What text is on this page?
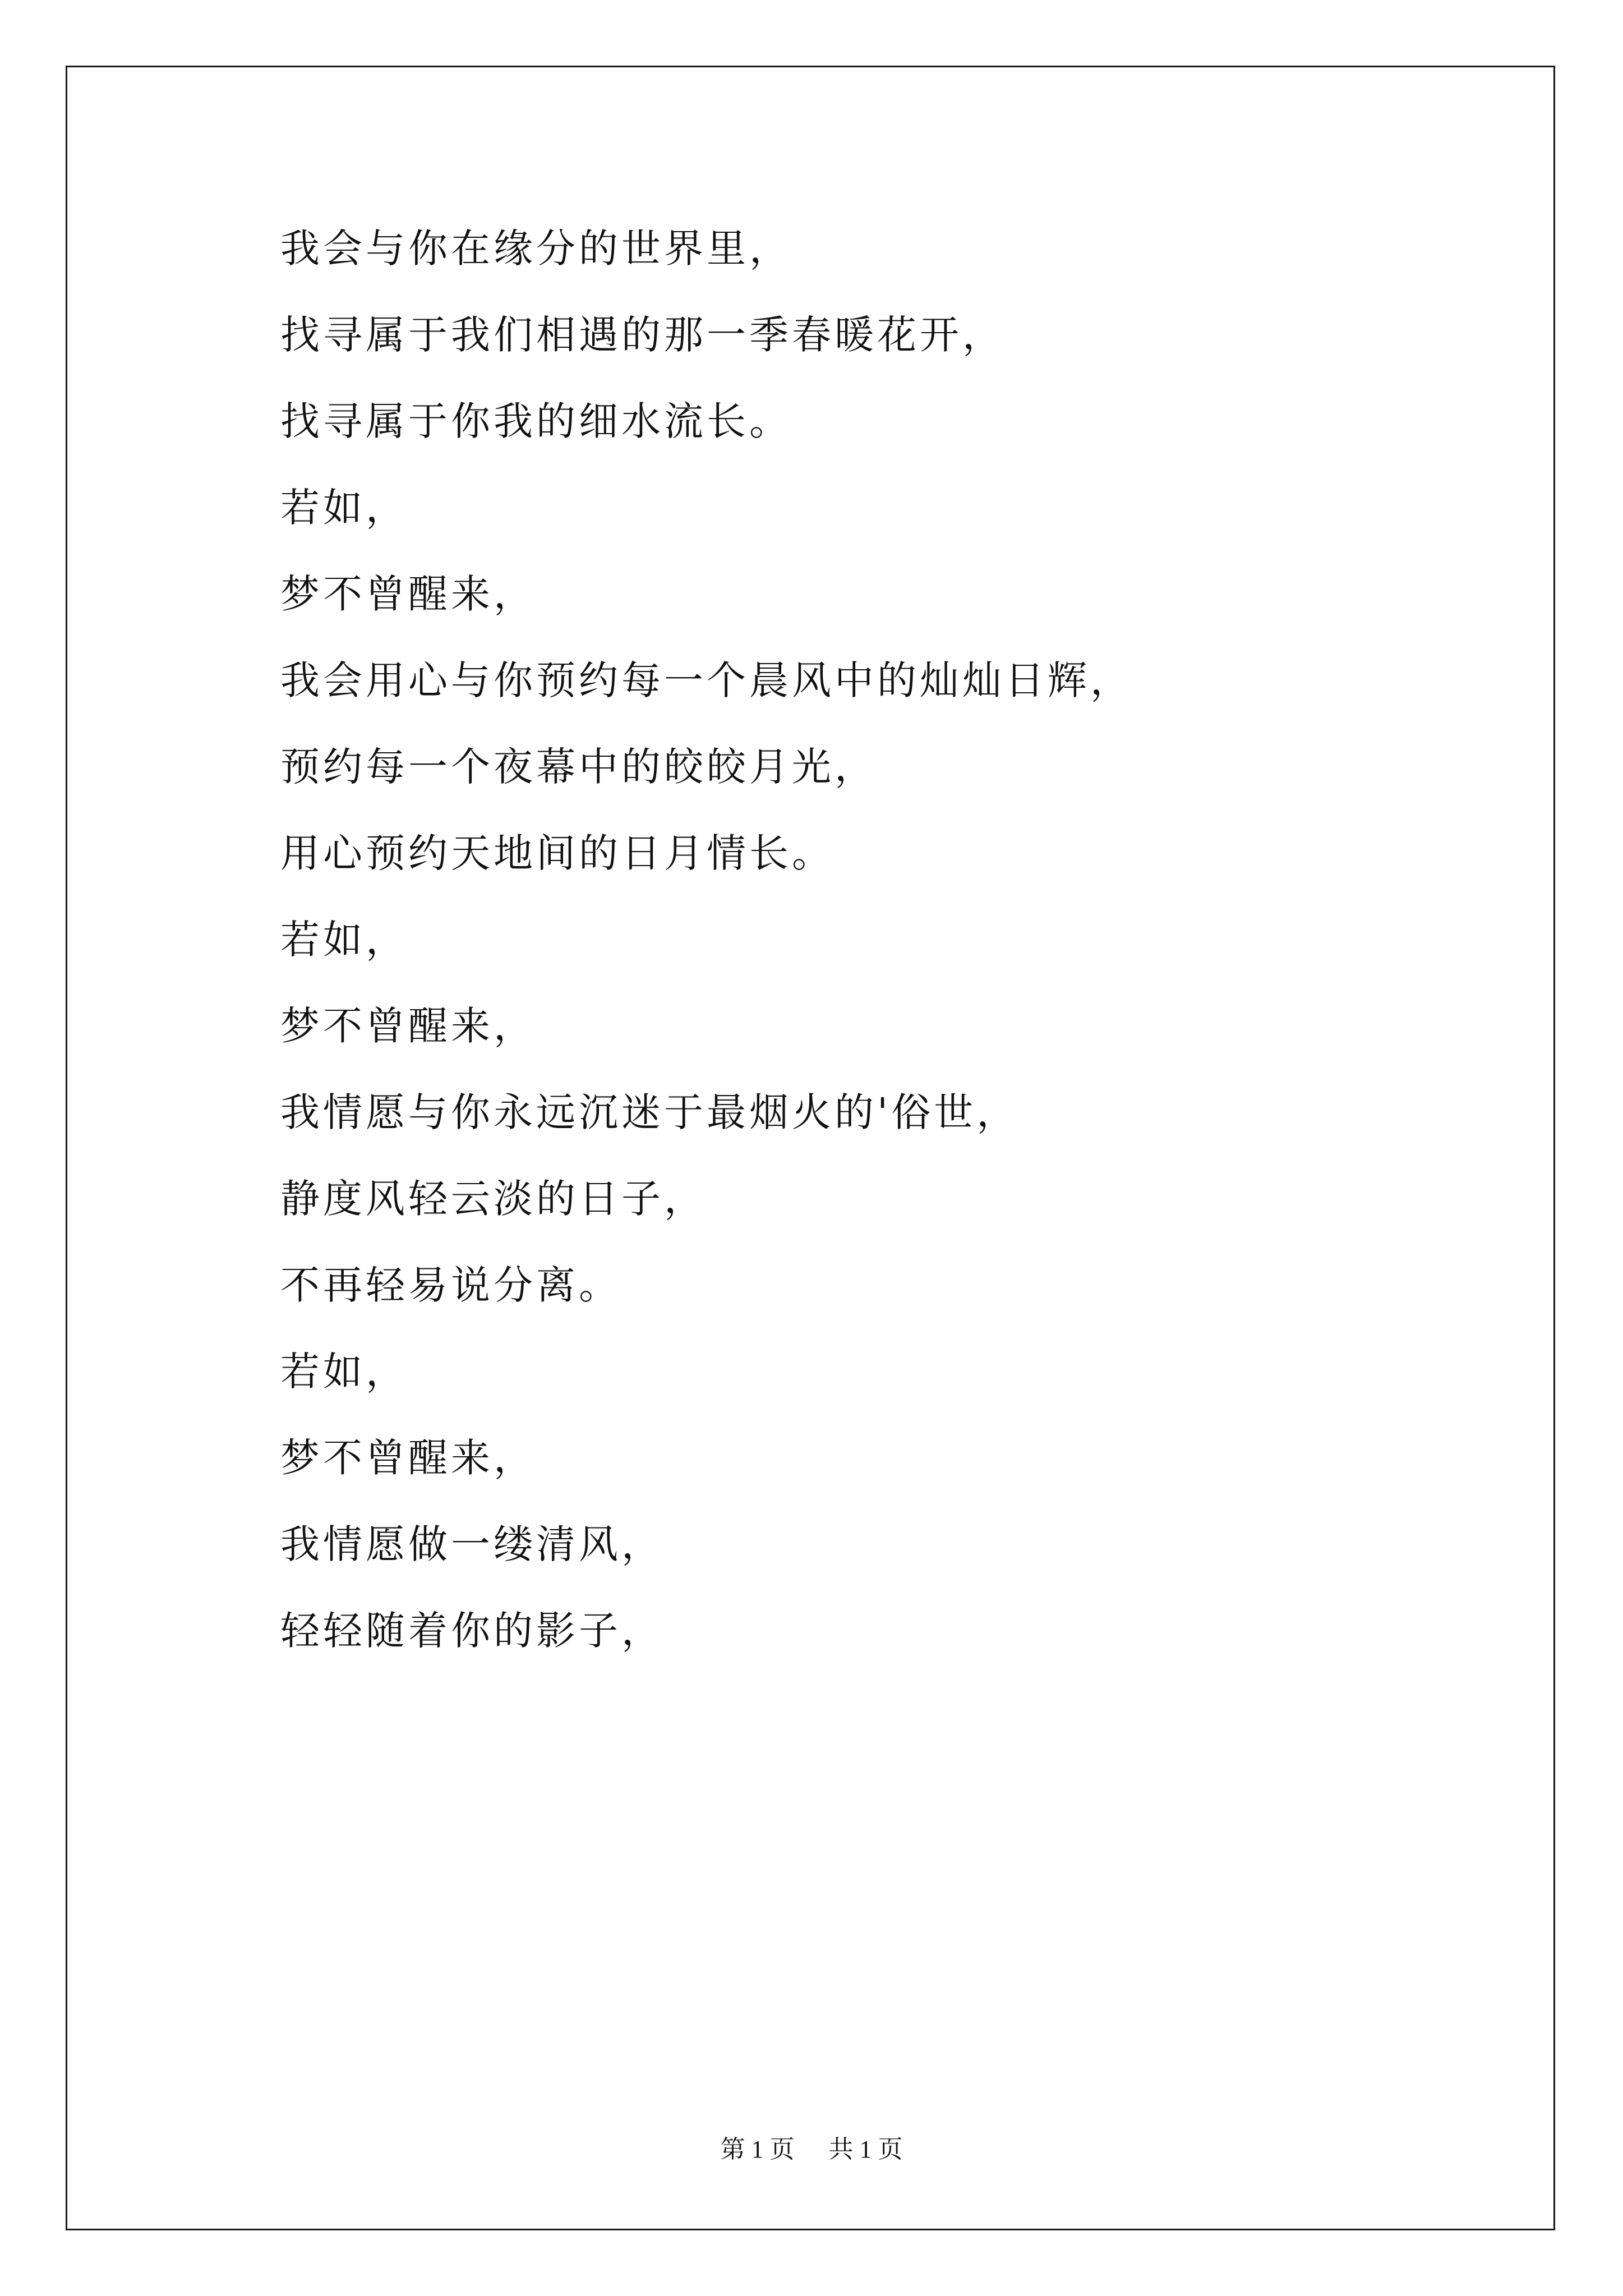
我会与你在缘分的世界里，
找寻属于我们相遇的那一季春暖花开，
找寻属于你我的细水流长。
若如，
梦不曾醒来，
我会用心与你预约每一个晨风中的灿灿日辉，
预约每一个夜幕中的皎皎月光，
用心预约天地间的日月情长。
若如，
梦不曾醒来，
我情愿与你永远沉迷于最烟火的'俗世，
静度风轻云淡的日子，
不再轻易说分离。
若如，
梦不曾醒来，
我情愿做一缕清风，
轻轻随着你的影子，
第 1 页 共 1 页
